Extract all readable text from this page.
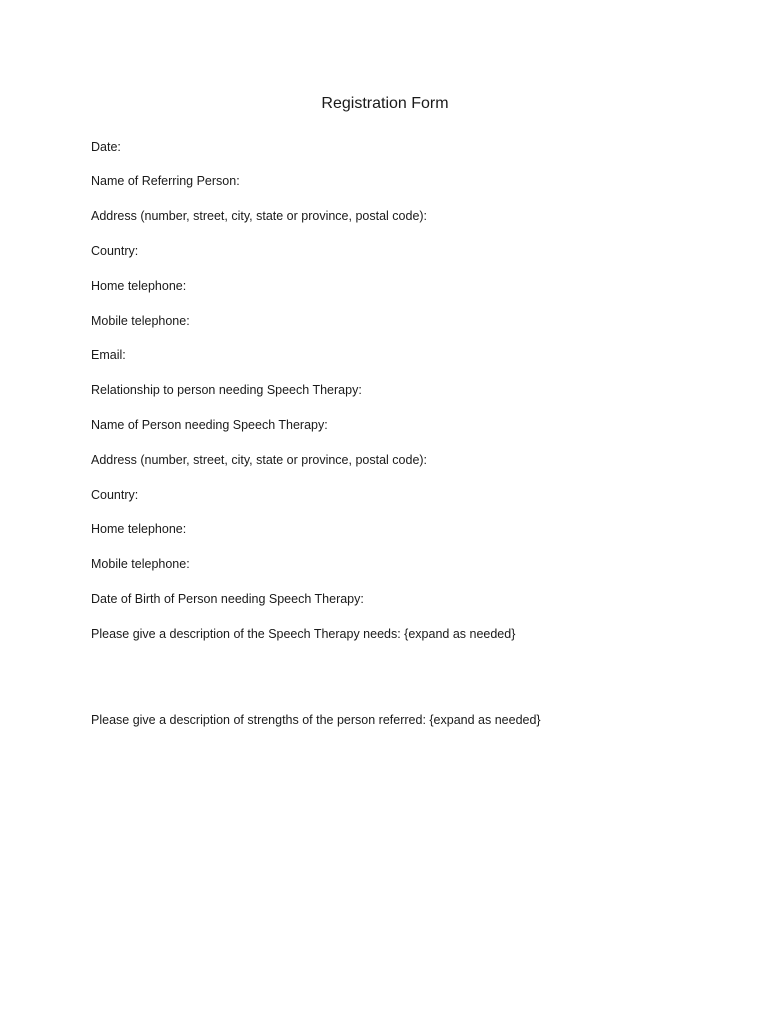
Registration Form

Date:

Name of Referring Person:

Address (number, street, city, state or province, postal code):

Country:

Home telephone:

Mobile telephone:

Email:

Relationship to person needing Speech Therapy:

Name of Person needing Speech Therapy:

Address (number, street, city, state or province, postal code):

Country:

Home telephone:

Mobile telephone:

Date of Birth of Person needing Speech Therapy:

Please give a description of the Speech Therapy needs: {expand as needed}

Please give a description of strengths of the person referred: {expand as needed}
